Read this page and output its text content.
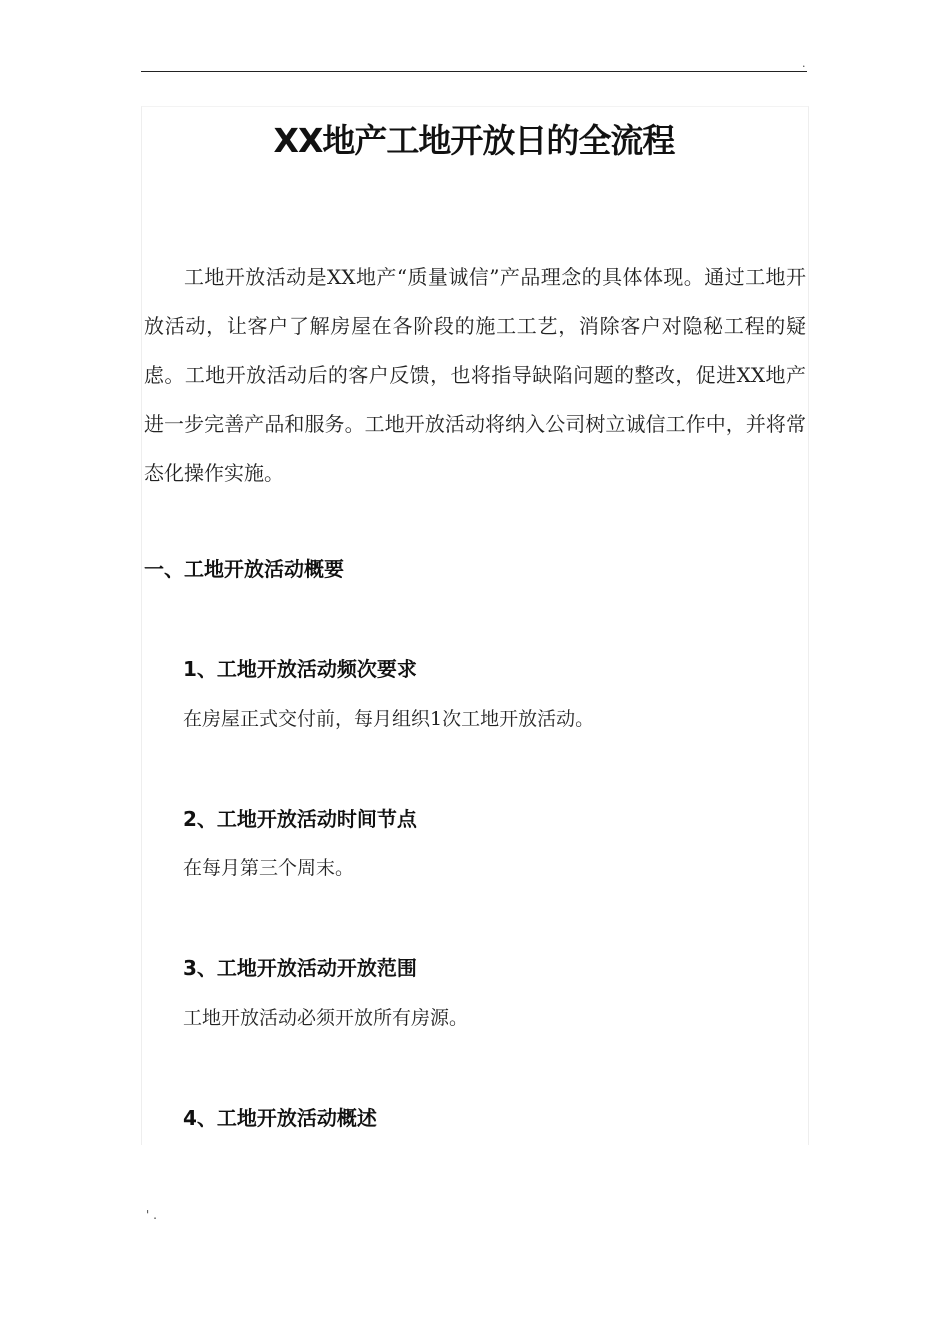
.
XX地产工地开放日的全流程

工地开放活动是XX地产“质量诚信”产品理念的具体体现。通过工地开放活动，让客户了解房屋在各阶段的施工工艺，消除客户对隐秘工程的疑虑。工地开放活动后的客户反馈，也将指导缺陷问题的整改，促进XX地产进一步完善产品和服务。工地开放活动将纳入公司树立诚信工作中，并将常态化操作实施。

一、工地开放活动概要
1、工地开放活动频次要求

在房屋正式交付前，每月组织1次工地开放活动。

2、工地开放活动时间节点

在每月第三个周末。

3、工地开放活动开放范围

工地开放活动必须开放所有房源。

4、工地开放活动概述
' .
